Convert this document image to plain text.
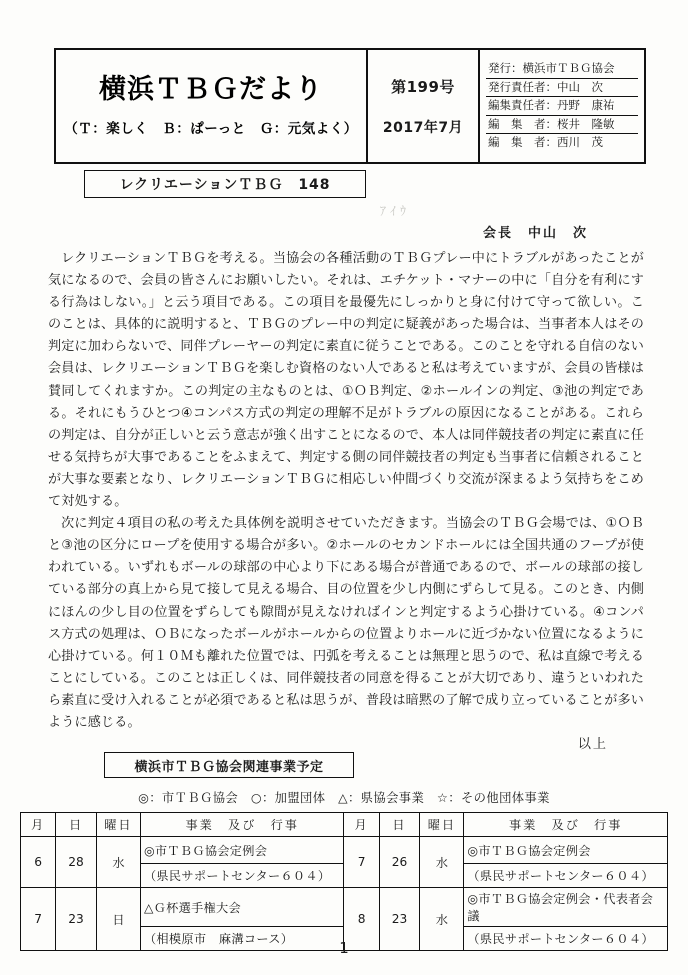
横浜ＴＢＧだより
（Ｔ：楽しく　Ｂ：ぱーっと　Ｇ：元気よく）
第199号
2017年7月
発行：横浜市ＴＢＧ協会
発行責任者：中山　次
編集責任者：丹野　康祐
編　集　者：桜井　隆敏
編　集　者：西川　茂
レクリエーションＴＢＧ　148
ｱｲｳ
会長　中山　次

レクリエーションＴＢＧを考える。当協会の各種活動のＴＢＧプレー中にトラブルがあったことが気になるので、会員の皆さんにお願いしたい。それは、エチケット・マナーの中に「自分を有利にする行為はしない。」と云う項目である。この項目を最優先にしっかりと身に付けて守って欲しい。このことは、具体的に説明すると、ＴＢＧのプレー中の判定に疑義があった場合は、当事者本人はその判定に加わらないで、同伴プレーヤーの判定に素直に従うことである。このことを守れる自信のない会員は、レクリエーションＴＢＧを楽しむ資格のない人であると私は考えていますが、会員の皆様は賛同してくれますか。この判定の主なものとは、①ＯＢ判定、②ホールインの判定、③池の判定である。それにもうひとつ④コンパス方式の判定の理解不足がトラブルの原因になることがある。これらの判定は、自分が正しいと云う意志が強く出すことになるので、本人は同伴競技者の判定に素直に任せる気持ちが大事であることをふまえて、判定する側の同伴競技者の判定も当事者に信頼されることが大事な要素となり、レクリエーションＴＢＧに相応しい仲間づくり交流が深まるよう気持ちをこめて対処する。

次に判定４項目の私の考えた具体例を説明させていただきます。当協会のＴＢＧ会場では、①ＯＢと③池の区分にロープを使用する場合が多い。②ホールのセカンドホールには全国共通のフープが使われている。いずれもボールの球部の中心より下にある場合が普通であるので、ボールの球部の接している部分の真上から見て接して見える場合、目の位置を少し内側にずらして見る。このとき、内側にほんの少し目の位置をずらしても隙間が見えなければインと判定するよう心掛けている。④コンパス方式の処理は、ＯＢになったボールがホールからの位置よりホールに近づかない位置になるように心掛けている。何１０Ｍも離れた位置では、円弧を考えることは無理と思うので、私は直線で考えることにしている。このことは正しくは、同伴競技者の同意を得ることが大切であり、違うといわれたら素直に受け入れることが必須であると私は思うが、普段は暗黙の了解で成り立っていることが多いように感じる。

以上

横浜市ＴＢＧ協会関連事業予定
◎：市ＴＢＧ協会　○：加盟団体　△：県協会事業　☆：その他団体事業
月	日	曜日	事業　及び　行事	月	日	曜日	事業　及び　行事
6	28	水	◎市ＴＢＧ協会定例会	7	26	水	◎市ＴＢＧ協会定例会
			（県民サポートセンター６０４）				（県民サポートセンター６０４）
7	23	日	△Ｇ杯選手権大会	8	23	水	◎市ＴＢＧ協会定例会・代表者会議
			（相模原市　麻溝コース）				（県民サポートセンター６０４）
1
